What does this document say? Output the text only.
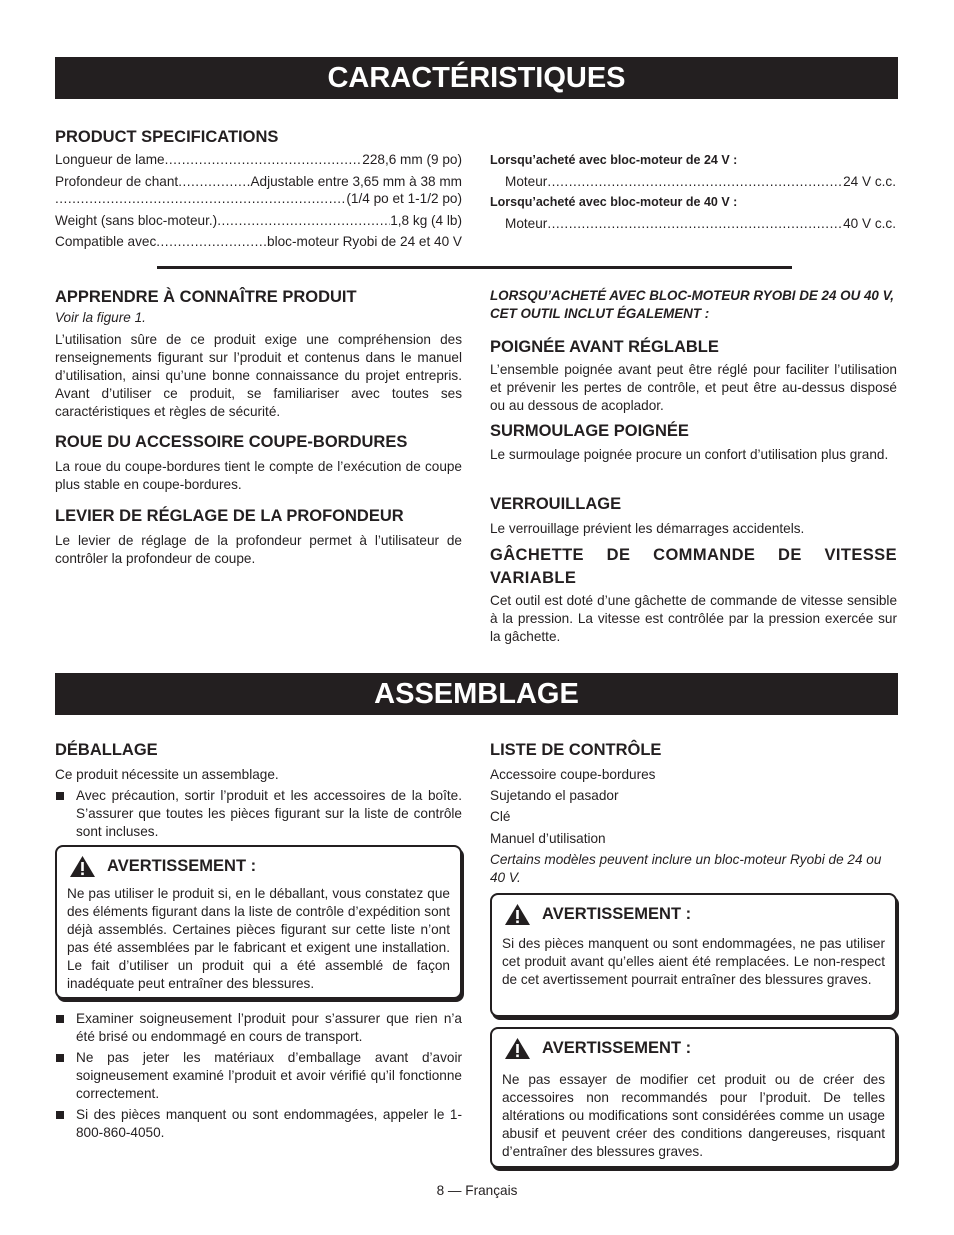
CARACTÉRISTIQUES
PRODUCT SPECIFICATIONS
Longueur de lame .....	228,6 mm (9 po)
Profondeur de chant .....	Adjustable entre 3,65 mm à 38 mm
.....
(1/4 po et 1-1/2 po)
Weight (sans bloc-moteur.) .....	1,8 kg (4 lb)
Compatible avec .....	bloc-moteur Ryobi de 24 et 40 V
Lorsqu’acheté avec bloc-moteur de 24 V :
Moteur .....	24 V c.c.
Lorsqu’acheté avec bloc-moteur de 40 V :
Moteur .....	40 V c.c.
APPRENDRE À CONNAÎTRE PRODUIT
Voir la figure 1.
L’utilisation sûre de ce produit exige une compréhension des renseignements figurant sur l’produit et contenus dans le manuel d’utilisation, ainsi qu’une bonne connaissance du projet entrepris. Avant d’utiliser ce produit, se familiariser avec toutes ses caractéristiques et règles de sécurité.
ROUE DU ACCESSOIRE COUPE-BORDURES
La roue du coupe-bordures tient le compte de l’exécution de coupe plus stable en coupe-bordures.
LEVIER DE RÉGLAGE DE LA PROFONDEUR
Le levier de réglage de la profondeur permet à l’utilisateur de contrôler la profondeur de coupe.
LORSQU’ACHETÉ AVEC BLOC-MOTEUR RYOBI DE 24 OU 40 V, CET OUTIL INCLUT ÉGALEMENT :
POIGNÉE AVANT RÉGLABLE
L’ensemble poignée avant peut être réglé pour faciliter l’utilisation et prévenir les pertes de contrôle, et peut être au-dessus disposé ou au dessous de acoplador.
SURMOULAGE POIGNÉE
Le surmoulage poignée procure un confort d’utilisation plus grand.
VERROUILLAGE
Le verrouillage prévient les démarrages accidentels.
GÂCHETTE DE COMMANDE DE VITESSE VARIABLE
Cet outil est doté d’une gâchette de commande de vitesse sensible à la pression. La vitesse est contrôlée par la pression exercée sur la gâchette.
ASSEMBLAGE
DÉBALLAGE
Ce produit nécessite un assemblage.
Avec précaution, sortir l’produit et les accessoires de la boîte. S’assurer que toutes les pièces figurant sur la liste de contrôle sont incluses.
AVERTISSEMENT :
Ne pas utiliser le produit si, en le déballant, vous constatez que des éléments figurant dans la liste de contrôle d’expédition sont déjà assemblés. Certaines pièces figurant sur cette liste n’ont pas été assemblées par le fabricant et exigent une installation. Le fait d’utiliser un produit qui a été assemblé de façon inadéquate peut entraîner des blessures.
Examiner soigneusement l’produit pour s’assurer que rien n’a été brisé ou endommagé en cours de transport.
Ne pas jeter les matériaux d’emballage avant d’avoir soigneusement examiné l’produit et avoir vérifié qu’il fonctionne correctement.
Si des pièces manquent ou sont endommagées, appeler le 1-800-860-4050.
LISTE DE CONTRÔLE
Accessoire coupe-bordures
Sujetando el pasador
Clé
Manuel d’utilisation
Certains modèles peuvent inclure un bloc-moteur Ryobi de 24 ou 40 V.
AVERTISSEMENT :
Si des pièces manquent ou sont endommagées, ne pas utiliser cet produit avant qu’elles aient été remplacées. Le non-respect de cet avertissement pourrait entraîner des blessures graves.
AVERTISSEMENT :
Ne pas essayer de modifier cet produit ou de créer des accessoires non recommandés pour l’produit. De telles altérations ou modifications sont considérées comme un usage abusif et peuvent créer des conditions dangereuses, risquant d’entraîner des blessures graves.
8 — Français
